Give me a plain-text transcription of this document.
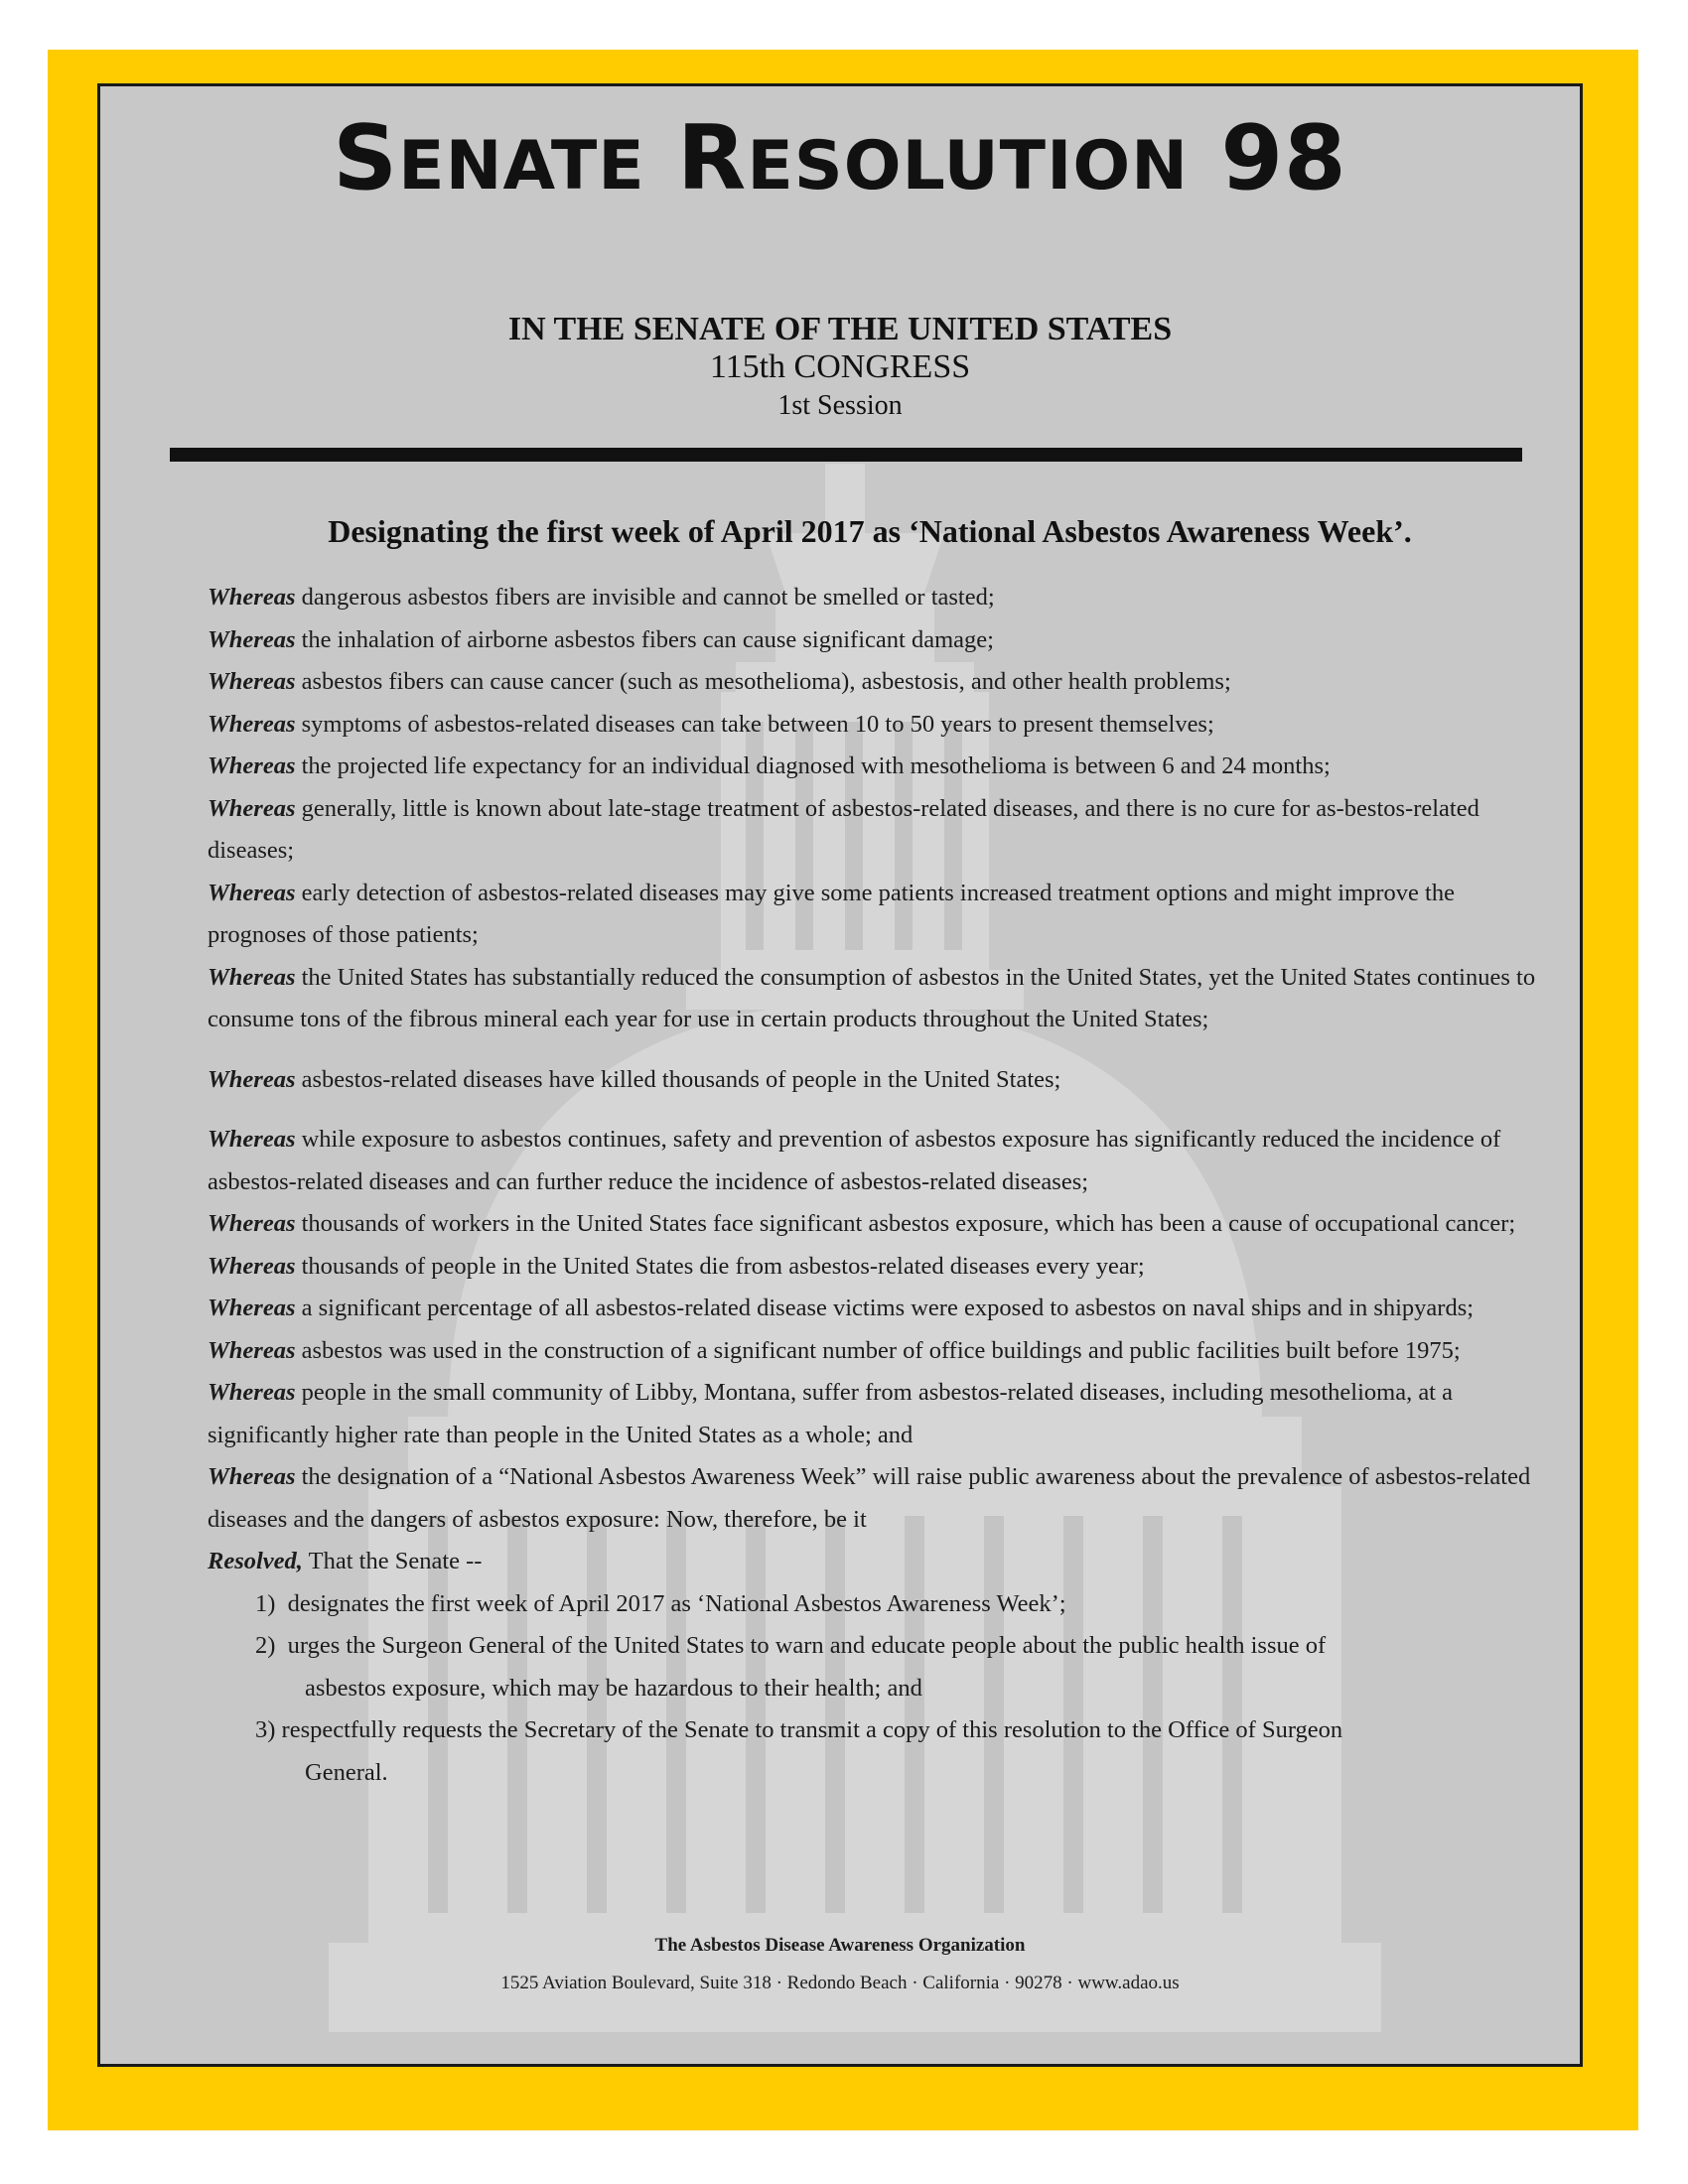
SENATE RESOLUTION 98
IN THE SENATE OF THE UNITED STATES
115th CONGRESS
1st Session
Designating the first week of April 2017 as ‘National Asbestos Awareness Week’.

Whereas dangerous asbestos fibers are invisible and cannot be smelled or tasted;

Whereas the inhalation of airborne asbestos fibers can cause significant damage;

Whereas asbestos fibers can cause cancer (such as mesothelioma), asbestosis, and other health problems;

Whereas symptoms of asbestos-related diseases can take between 10 to 50 years to present themselves;

Whereas the projected life expectancy for an individual diagnosed with mesothelioma is between 6 and 24 months;

Whereas generally, little is known about late-stage treatment of asbestos-related diseases, and there is no cure for as-bestos-related diseases;

Whereas early detection of asbestos-related diseases may give some patients increased treatment options and might improve the prognoses of those patients;

Whereas the United States has substantially reduced the consumption of asbestos in the United States, yet the United States continues to consume tons of the fibrous mineral each year for use in certain products throughout the United States;

Whereas asbestos-related diseases have killed thousands of people in the United States;

Whereas while exposure to asbestos continues, safety and prevention of asbestos exposure has significantly reduced the incidence of asbestos-related diseases and can further reduce the incidence of asbestos-related diseases;

Whereas thousands of workers in the United States face significant asbestos exposure, which has been a cause of occupational cancer;

Whereas thousands of people in the United States die from asbestos-related diseases every year;

Whereas a significant percentage of all asbestos-related disease victims were exposed to asbestos on naval ships and in shipyards;

Whereas asbestos was used in the construction of a significant number of office buildings and public facilities built before 1975;

Whereas people in the small community of Libby, Montana, suffer from asbestos-related diseases, including mesothelioma, at a significantly higher rate than people in the United States as a whole; and

Whereas the designation of a “National Asbestos Awareness Week” will raise public awareness about the prevalence of asbestos-related diseases and the dangers of asbestos exposure: Now, therefore, be it

Resolved, That the Senate --

1) designates the first week of April 2017 as ‘National Asbestos Awareness Week’;
2) urges the Surgeon General of the United States to warn and educate people about the public health issue of
asbestos exposure, which may be hazardous to their health; and
3) respectfully requests the Secretary of the Senate to transmit a copy of this resolution to the Office of Surgeon
General.
The Asbestos Disease Awareness Organization
1525 Aviation Boulevard, Suite 318 · Redondo Beach · California · 90278 · www.adao.us
